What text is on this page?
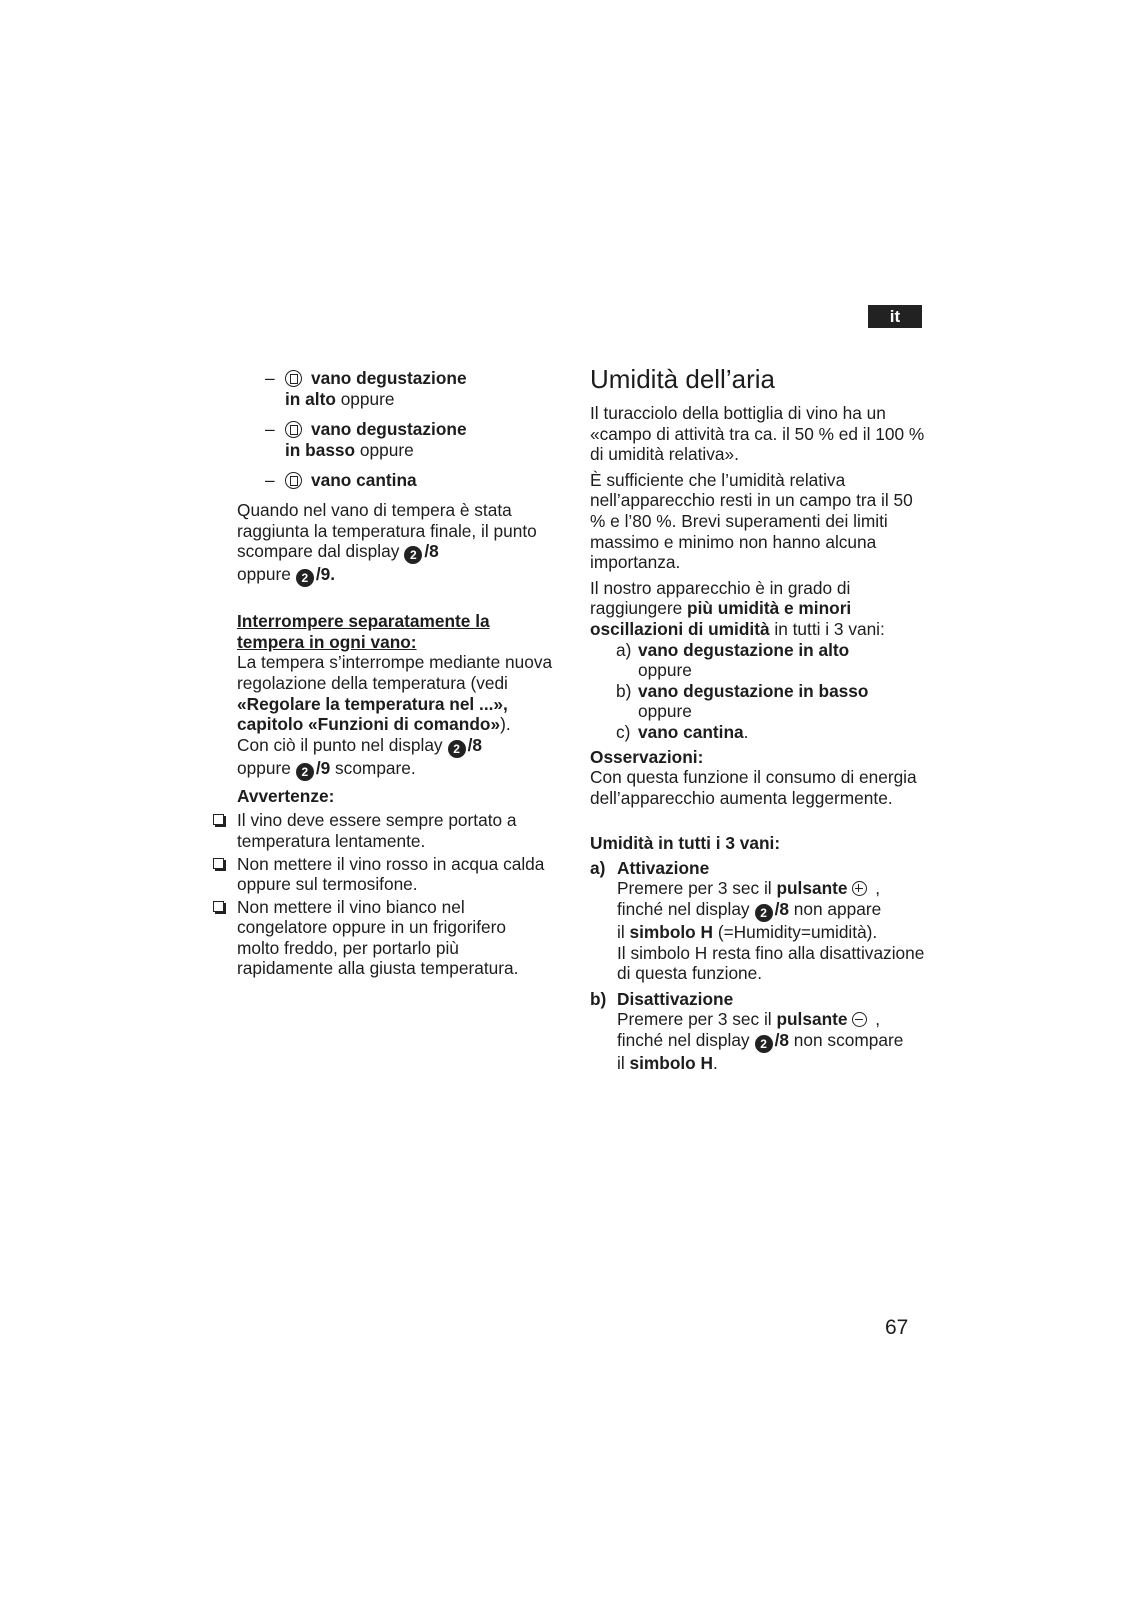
it
– vano degustazione
in alto oppure
– vano degustazione
in basso oppure
– vano cantina

Quando nel vano di tempera è stata raggiunta la temperatura finale, il punto scompare dal display 2 /8
oppure 2 /9.

Interrompere separatamente la tempera in ogni vano:

La tempera s’interrompe mediante nuova regolazione della temperatura (vedi «Regolare la temperatura nel ...», capitolo «Funzioni di comando»).

Con ciò il punto nel display 2 /8
oppure 2 /9 scompare.

Avvertenze:

Il vino deve essere sempre portato a temperatura lentamente.
Non mettere il vino rosso in acqua calda oppure sul termosifone.
Non mettere il vino bianco nel congelatore oppure in un frigorifero molto freddo, per portarlo più rapidamente alla giusta temperatura.
Umidità dell’aria

Il turacciolo della bottiglia di vino ha un «campo di attività tra ca. il 50 % ed il 100 % di umidità relativa».

È sufficiente che l’umidità relativa nell’apparecchio resti in un campo tra il 50 % e l’80 %. Brevi superamenti dei limiti massimo e minimo non hanno alcuna importanza.

Il nostro apparecchio è in grado di raggiungere più umidità e minori oscillazioni di umidità in tutti i 3 vani:

a) vano degustazione in alto
oppure
b) vano degustazione in basso
oppure
c) vano cantina.

Osservazioni:

Con questa funzione il consumo di energia dell’apparecchio aumenta leggermente.

Umidità in tutti i 3 vani:

a) Attivazione
Premere per 3 sec il pulsante
,
finché nel display 2 /8 non appare
il simbolo H (=Humidity=umidità).
Il simbolo H resta fino alla disattivazione di questa funzione.
b) Disattivazione
Premere per 3 sec il pulsante
,
finché nel display 2 /8 non scompare
il simbolo H.
67
